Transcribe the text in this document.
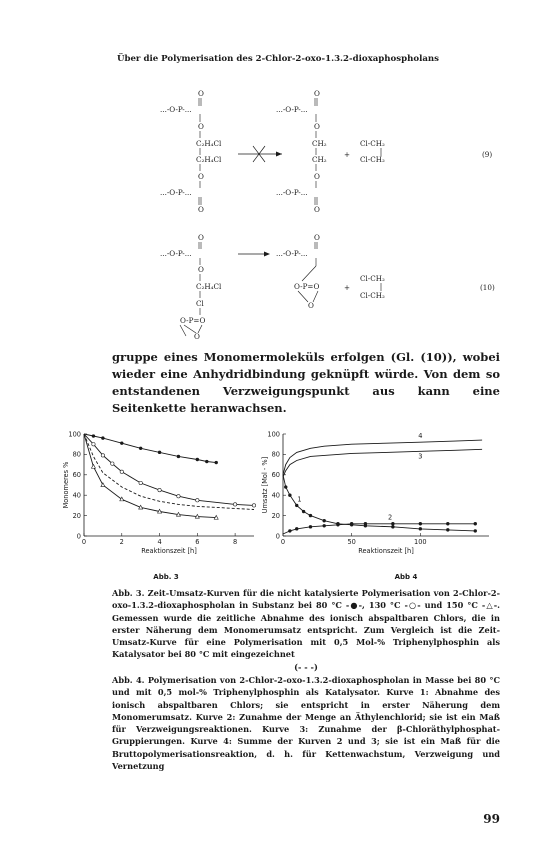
Über die Polymerisation des 2-Chlor-2-oxo-1.3.2-dioxaphospholans
O
...-O-P-...
O
C₂H₄Cl
C₂H₄Cl
O
...-O-P-...
O
O
...-O-P-...
O
CH₂
CH₂
O
...-O-P-...
O
+
Cl-CH₂
Cl-CH₂
(9)
O
...-O-P-...
O
C₂H₄Cl
Cl
O-P=O
O
O
...-O-P-...
O-P=O
O
+
Cl-CH₂
Cl-CH₂
(10)

gruppe eines Monomermoleküls erfolgen (Gl. (10)), wobei wieder eine Anhydridbindung geknüpft würde. Von dem so entstandenen Verzweigungspunkt aus kann eine Seitenkette heranwachsen.

0
20
40
60
80
100
0	2	4	6	8
Reaktionszeit [h]
Monomeres %
Abb. 3
0
20
40
60
80
100
0	50	100
Reaktionszeit [h]
Umsatz [Mol - %]	1
2
3
4
Abb 4

Abb. 3. Zeit-Umsatz-Kurven für die nicht katalysierte Polymerisation von 2-Chlor-2-oxo-1.3.2-dioxaphospholan in Substanz bei 80 °C -●-, 130 °C -○- und 150 °C -△-. Gemessen wurde die zeitliche Abnahme des ionisch abspaltbaren Chlors, die in erster Näherung dem Monomerumsatz entspricht. Zum Vergleich ist die Zeit-Umsatz-Kurve für eine Polymerisation mit 0,5 Mol-% Triphenylphosphin als Katalysator bei 80 °C mit eingezeichnet

(- - -)

Abb. 4. Polymerisation von 2-Chlor-2-oxo-1.3.2-dioxaphospholan in Masse bei 80 °C und mit 0,5 mol-% Triphenylphosphin als Katalysator. Kurve 1: Abnahme des ionisch abspaltbaren Chlors; sie entspricht in erster Näherung dem Monomerumsatz. Kurve 2: Zunahme der Menge an Äthylenchlorid; sie ist ein Maß für Verzweigungsreaktionen. Kurve 3: Zunahme der β-Chloräthylphosphat-Gruppierungen. Kurve 4: Summe der Kurven 2 und 3; sie ist ein Maß für die Bruttopolymerisationsreaktion, d. h. für Kettenwachstum, Verzweigung und Vernetzung

99
